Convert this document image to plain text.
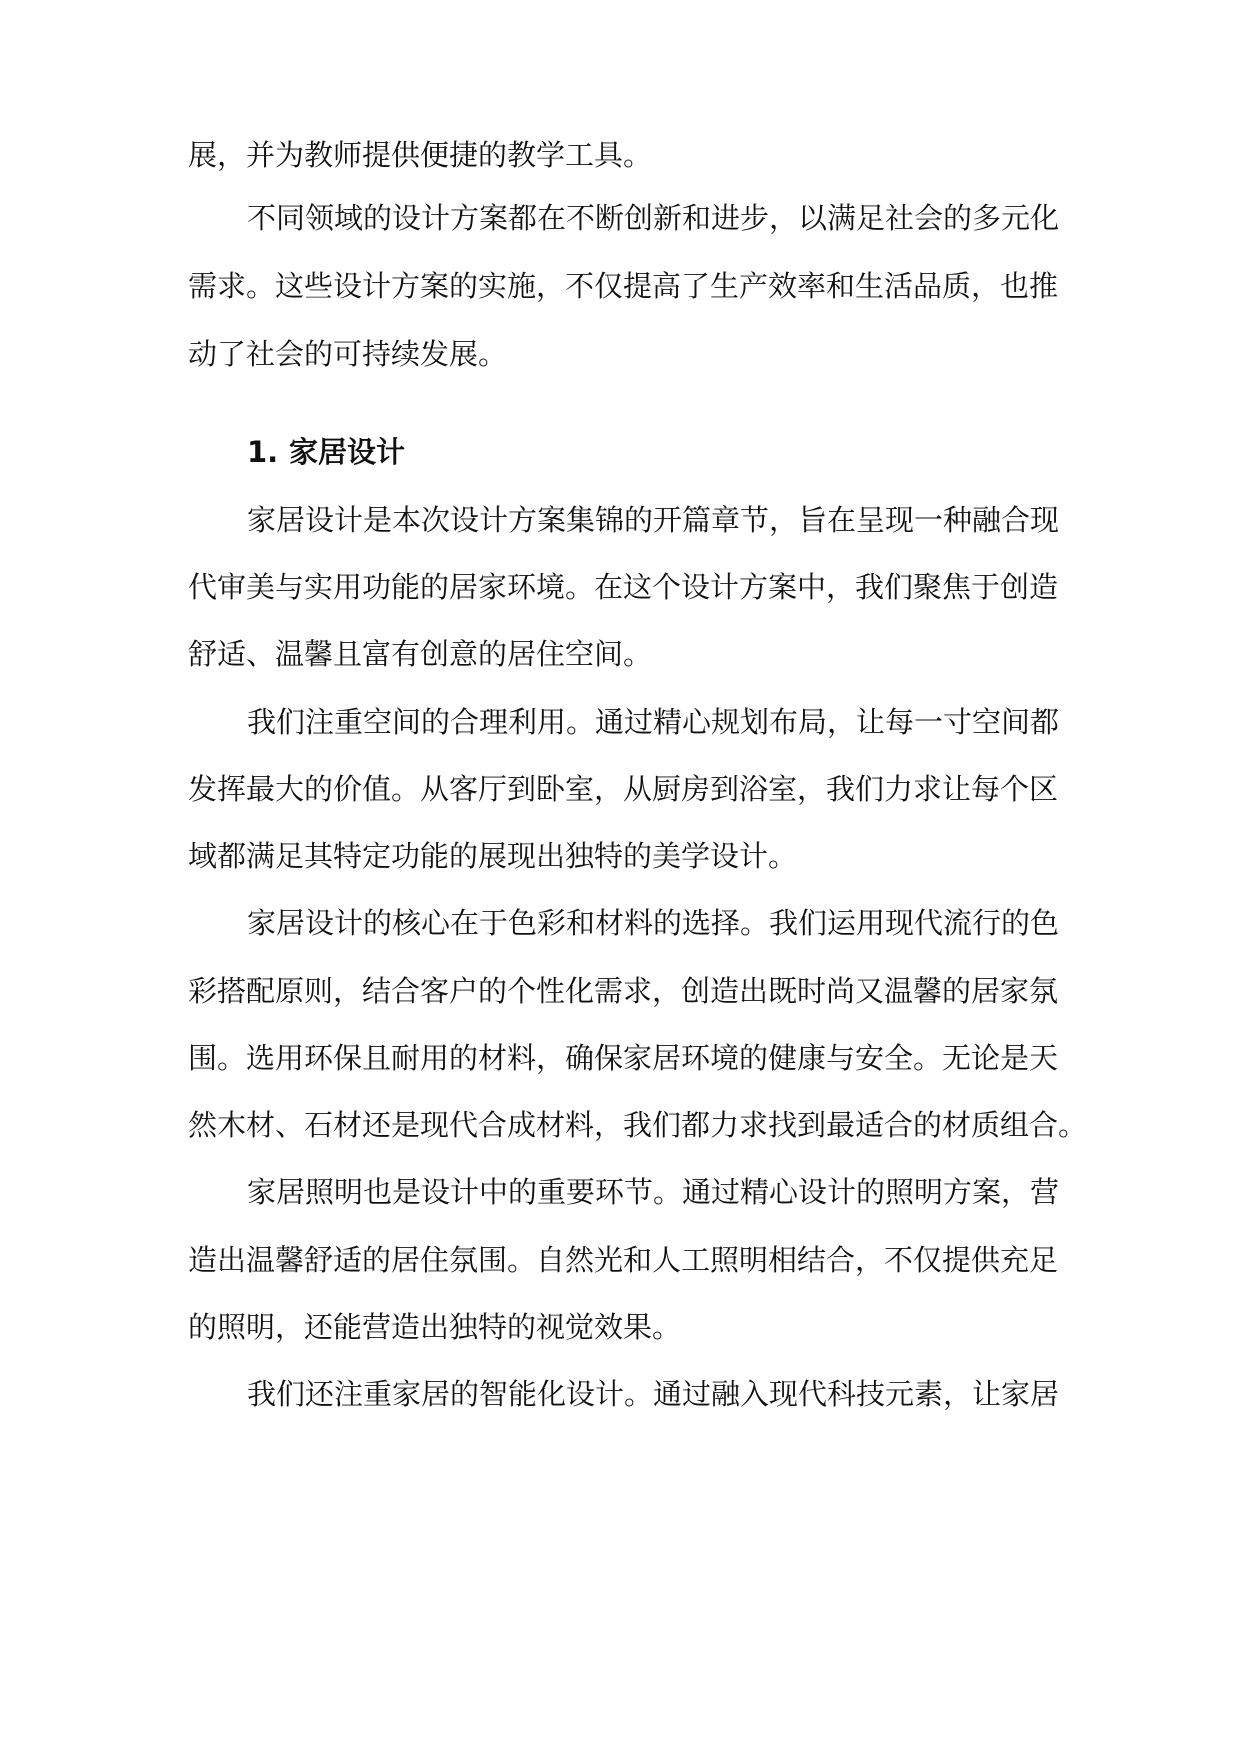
展，并为教师提供便捷的教学工具。
不同领域的设计方案都在不断创新和进步，以满足社会的多元化
需求。这些设计方案的实施，不仅提高了生产效率和生活品质，也推
动了社会的可持续发展。
1. 家居设计
家居设计是本次设计方案集锦的开篇章节，旨在呈现一种融合现
代审美与实用功能的居家环境。在这个设计方案中，我们聚焦于创造
舒适、温馨且富有创意的居住空间。
我们注重空间的合理利用。通过精心规划布局，让每一寸空间都
发挥最大的价值。从客厅到卧室，从厨房到浴室，我们力求让每个区
域都满足其特定功能的展现出独特的美学设计。
家居设计的核心在于色彩和材料的选择。我们运用现代流行的色
彩搭配原则，结合客户的个性化需求，创造出既时尚又温馨的居家氛
围。选用环保且耐用的材料，确保家居环境的健康与安全。无论是天
然木材、石材还是现代合成材料，我们都力求找到最适合的材质组合。
家居照明也是设计中的重要环节。通过精心设计的照明方案，营
造出温馨舒适的居住氛围。自然光和人工照明相结合，不仅提供充足
的照明，还能营造出独特的视觉效果。
我们还注重家居的智能化设计。通过融入现代科技元素，让家居
